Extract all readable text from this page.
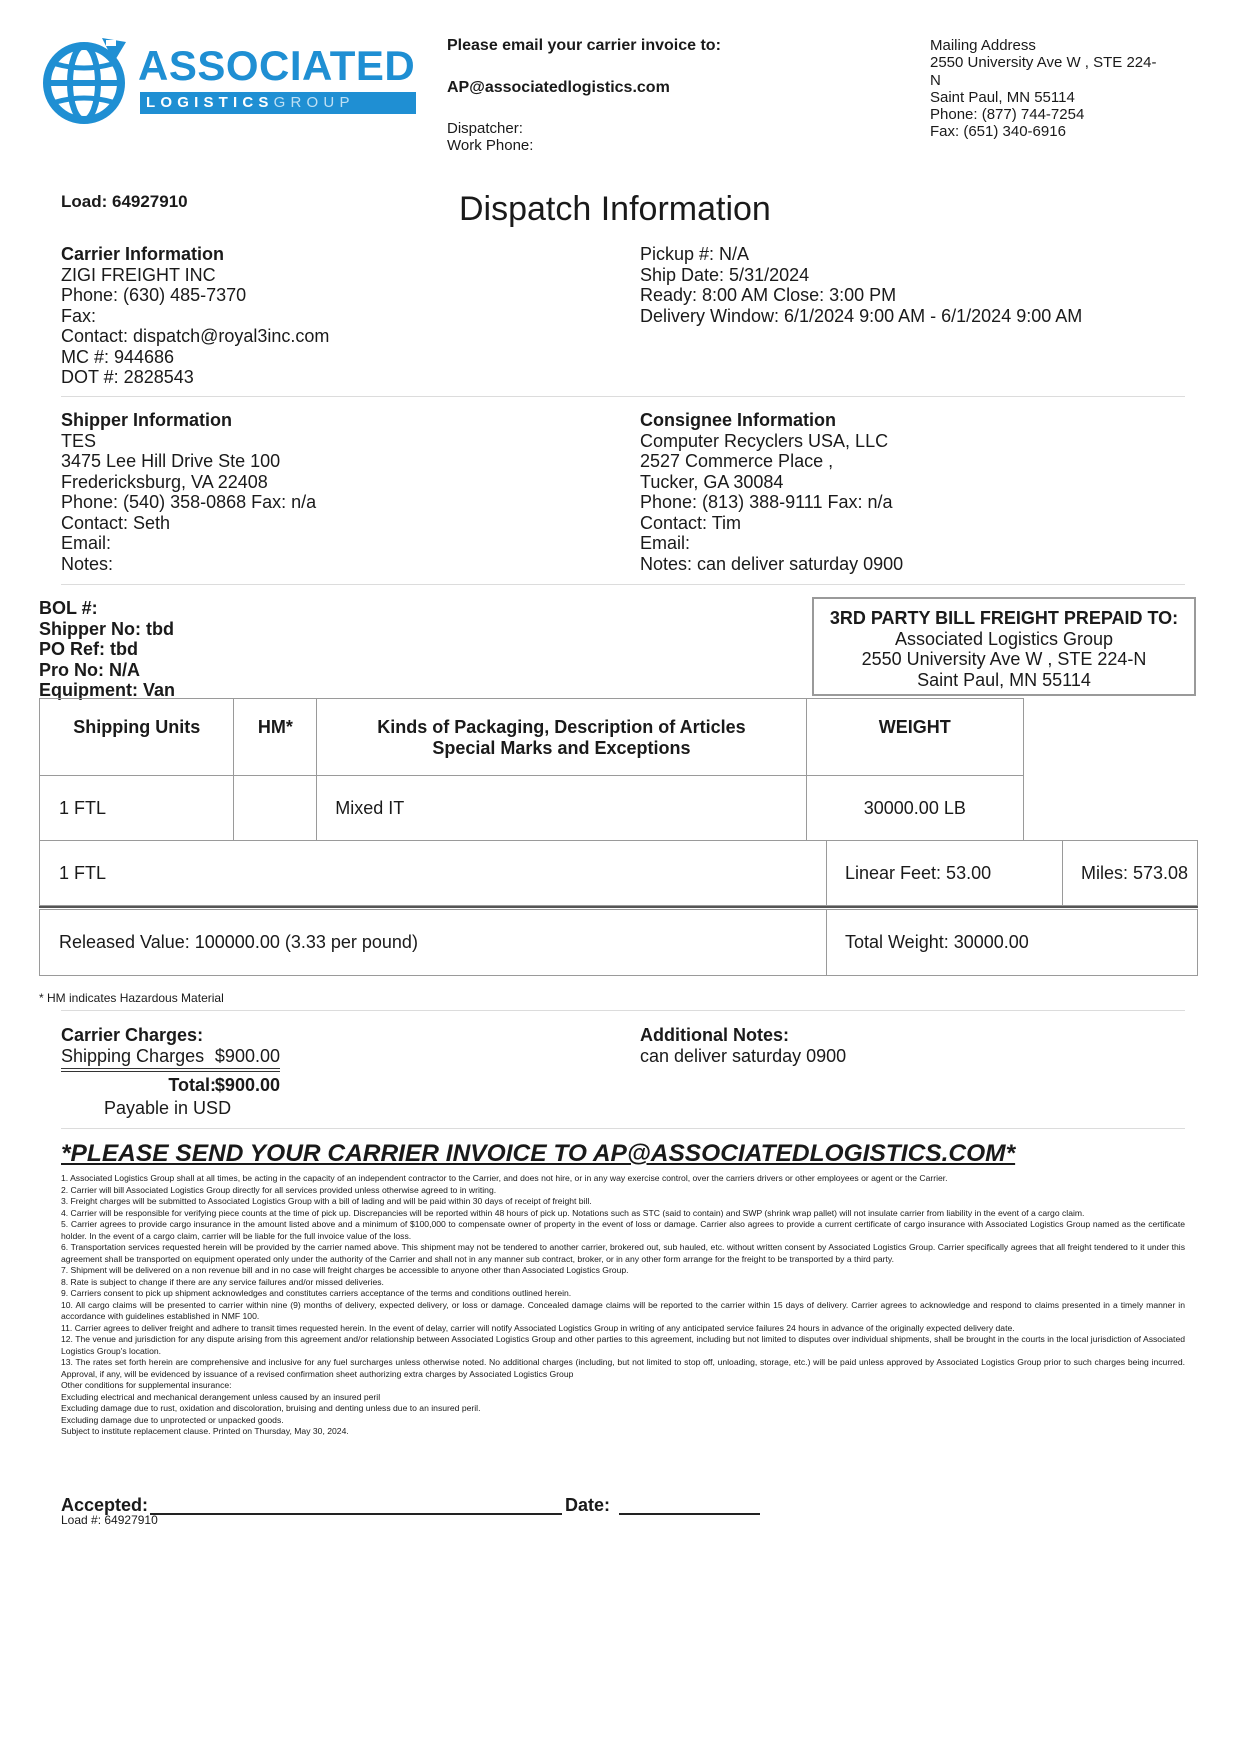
ASSOCIATED
LOGISTICSGROUP
Please email your carrier invoice to:
AP@associatedlogistics.com
Dispatcher:
Work Phone:
Mailing Address
2550 University Ave W , STE 224-
N
Saint Paul, MN 55114
Phone: (877) 744-7254
Fax: (651) 340-6916
Load: 64927910	Dispatch Information
Carrier Information
ZIGI FREIGHT INC
Phone: (630) 485-7370
Fax:
Contact: dispatch@royal3inc.com
MC #: 944686
DOT #: 2828543
Pickup #: N/A
Ship Date: 5/31/2024
Ready: 8:00 AM Close: 3:00 PM
Delivery Window: 6/1/2024 9:00 AM - 6/1/2024 9:00 AM
Shipper Information
TES
3475 Lee Hill Drive Ste 100
Fredericksburg, VA 22408
Phone: (540) 358-0868 Fax: n/a
Contact: Seth
Email:
Notes:
Consignee Information
Computer Recyclers USA, LLC
2527 Commerce Place ,
Tucker, GA 30084
Phone: (813) 388-9111 Fax: n/a
Contact: Tim
Email:
Notes: can deliver saturday 0900
BOL #:
Shipper No: tbd
PO Ref: tbd
Pro No: N/A
Equipment: Van
3RD PARTY BILL FREIGHT PREPAID TO:
Associated Logistics Group
2550 University Ave W , STE 224-N
Saint Paul, MN 55114
Shipping Units	HM*	Kinds of Packaging, Description of Articles
Special Marks and Exceptions	WEIGHT
1 FTL		Mixed IT	30000.00 LB
1 FTL	Linear Feet: 53.00	Miles: 573.08
Released Value: 100000.00 (3.33 per pound)	Total Weight: 30000.00
* HM indicates Hazardous Material
Carrier Charges:
Shipping Charges $900.00
Total:
$900.00
Payable in USD
Additional Notes:
can deliver saturday 0900
*PLEASE SEND YOUR CARRIER INVOICE TO AP@ASSOCIATEDLOGISTICS.COM*
1. Associated Logistics Group shall at all times, be acting in the capacity of an independent contractor to the Carrier, and does not hire, or in any way exercise control, over the carriers drivers or other employees or agent or the Carrier.
2. Carrier will bill Associated Logistics Group directly for all services provided unless otherwise agreed to in writing.
3. Freight charges will be submitted to Associated Logistics Group with a bill of lading and will be paid within 30 days of receipt of freight bill.
4. Carrier will be responsible for verifying piece counts at the time of pick up. Discrepancies will be reported within 48 hours of pick up. Notations such as STC (said to contain) and SWP (shrink wrap pallet) will not insulate carrier from liability in the event of a cargo claim.
5. Carrier agrees to provide cargo insurance in the amount listed above and a minimum of $100,000 to compensate owner of property in the event of loss or damage. Carrier also agrees to provide a current certificate of cargo insurance with Associated Logistics Group named as the certificate holder. In the event of a cargo claim, carrier will be liable for the full invoice value of the loss.
6. Transportation services requested herein will be provided by the carrier named above. This shipment may not be tendered to another carrier, brokered out, sub hauled, etc. without written consent by Associated Logistics Group. Carrier specifically agrees that all freight tendered to it under this agreement shall be transported on equipment operated only under the authority of the Carrier and shall not in any manner sub contract, broker, or in any other form arrange for the freight to be transported by a third party.
7. Shipment will be delivered on a non revenue bill and in no case will freight charges be accessible to anyone other than Associated Logistics Group.
8. Rate is subject to change if there are any service failures and/or missed deliveries.
9. Carriers consent to pick up shipment acknowledges and constitutes carriers acceptance of the terms and conditions outlined herein.
10. All cargo claims will be presented to carrier within nine (9) months of delivery, expected delivery, or loss or damage. Concealed damage claims will be reported to the carrier within 15 days of delivery. Carrier agrees to acknowledge and respond to claims presented in a timely manner in accordance with guidelines established in NMF 100.
11. Carrier agrees to deliver freight and adhere to transit times requested herein. In the event of delay, carrier will notify Associated Logistics Group in writing of any anticipated service failures 24 hours in advance of the originally expected delivery date.
12. The venue and jurisdiction for any dispute arising from this agreement and/or relationship between Associated Logistics Group and other parties to this agreement, including but not limited to disputes over individual shipments, shall be brought in the courts in the local jurisdiction of Associated Logistics Group's location.
13. The rates set forth herein are comprehensive and inclusive for any fuel surcharges unless otherwise noted. No additional charges (including, but not limited to stop off, unloading, storage, etc.) will be paid unless approved by Associated Logistics Group prior to such charges being incurred. Approval, if any, will be evidenced by issuance of a revised confirmation sheet authorizing extra charges by Associated Logistics Group
Other conditions for supplemental insurance:
Excluding electrical and mechanical derangement unless caused by an insured peril
Excluding damage due to rust, oxidation and discoloration, bruising and denting unless due to an insured peril.
Excluding damage due to unprotected or unpacked goods.
Subject to institute replacement clause. Printed on Thursday, May 30, 2024.
Accepted:	Date:
Load #: 64927910
